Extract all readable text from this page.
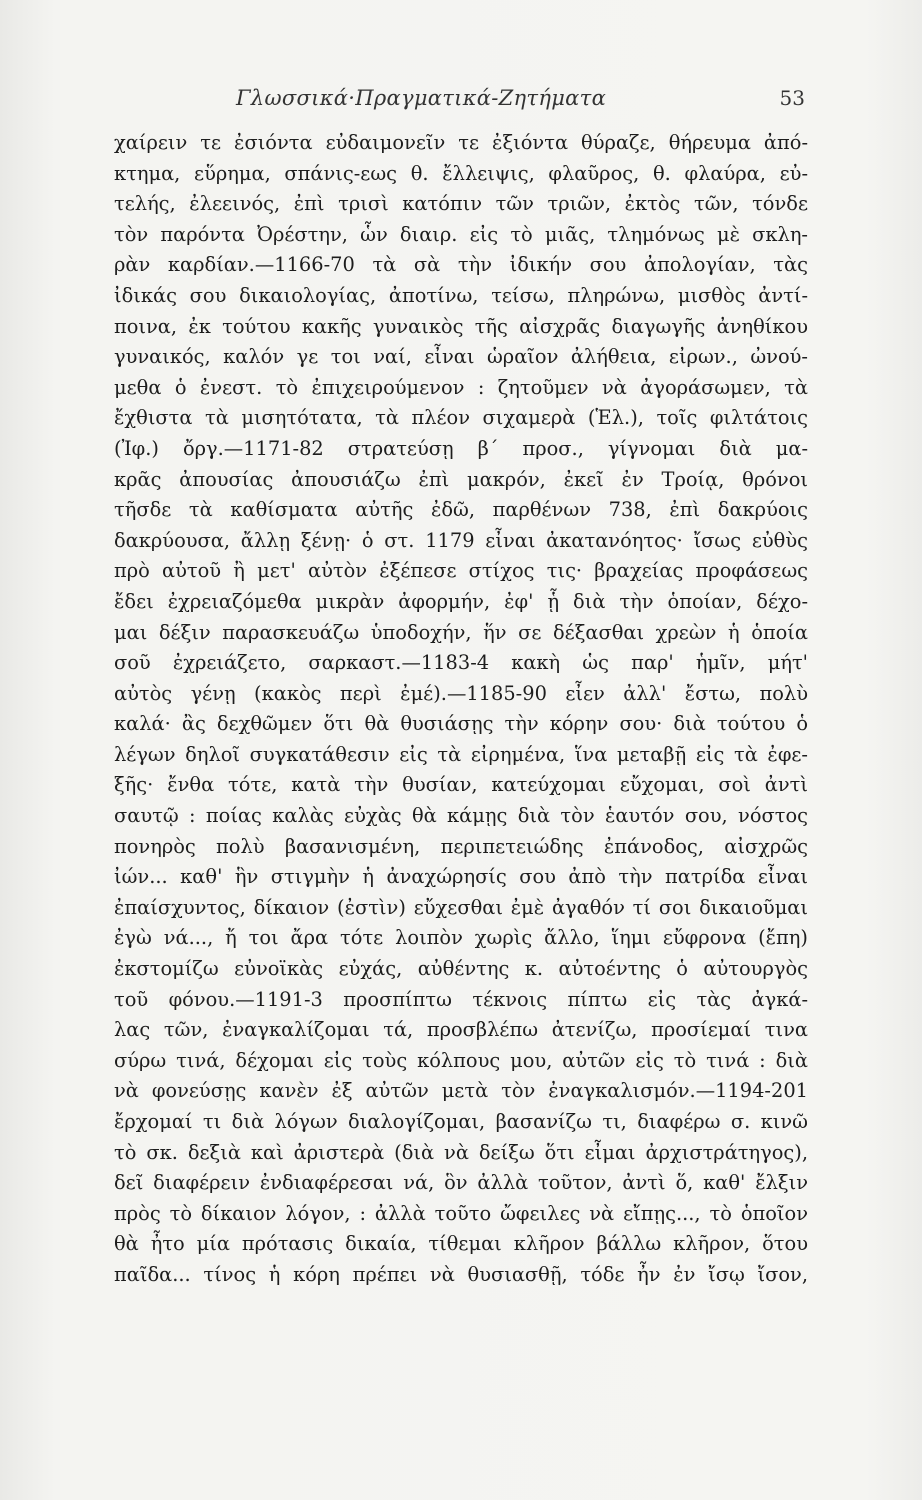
Γλωσσικά·Πραγματικά-Ζητήματα	53
χαίρειν τε ἐσιόντα εὐδαιμονεῖν τε ἐξιόντα θύραζε, θήρευμα ἀπό-
κτημα, εὕρημα, σπάνις-εως θ. ἔλλειψις, φλαῦρος, θ. φλαύρα, εὐ-
τελής, ἐλεεινός, ἐπὶ τρισὶ κατόπιν τῶν τριῶν, ἐκτὸς τῶν, τόνδε
τὸν παρόντα Ὀρέστην, ὧν διαιρ. εἰς τὸ μιᾶς, τλημόνως μὲ σκλη-
ρὰν καρδίαν.—1166-70 τὰ σὰ τὴν ἰδικήν σου ἀπολογίαν, τὰς
ἰδικάς σου δικαιολογίας, ἀποτίνω, τείσω, πληρώνω, μισθὸς ἀντί-
ποινα, ἐκ τούτου κακῆς γυναικὸς τῆς αἰσχρᾶς διαγωγῆς ἀνηθίκου
γυναικός, καλόν γε τοι ναί, εἶναι ὡραῖον ἀλήθεια, εἰρων., ὠνού-
μεθα ὁ ἐνεστ. τὸ ἐπιχειρούμενον : ζητοῦμεν νὰ ἀγοράσωμεν, τὰ
ἔχθιστα τὰ μισητότατα, τὰ πλέον σιχαμερὰ (Ἑλ.), τοῖς φιλτάτοις
(Ἰφ.) ὄργ.—1171-82 στρατεύσῃ β΄ προσ., γίγνομαι διὰ μα-
κρᾶς ἀπουσίας ἀπουσιάζω ἐπὶ μακρόν, ἐκεῖ ἐν Τροίᾳ, θρόνοι
τῆσδε τὰ καθίσματα αὐτῆς ἐδῶ, παρθένων 738, ἐπὶ δακρύοις
δακρύουσα, ἄλλῃ ξένῃ· ὁ στ. 1179 εἶναι ἀκατανόητος· ἴσως εὐθὺς
πρὸ αὐτοῦ ἢ μετ' αὐτὸν ἐξέπεσε στίχος τις· βραχείας προφάσεως
ἔδει ἐχρειαζόμεθα μικρὰν ἀφορμήν, ἐφ' ᾗ διὰ τὴν ὁποίαν, δέχο-
μαι δέξιν παρασκευάζω ὑποδοχήν, ἥν σε δέξασθαι χρεὼν ἡ ὁποία
σοῦ ἐχρειάζετο, σαρκαστ.—1183-4 κακὴ ὡς παρ' ἡμῖν, μήτ'
αὐτὸς γένῃ (κακὸς περὶ ἐμέ).—1185-90 εἶεν ἀλλ' ἔστω, πολὺ
καλά· ἂς δεχθῶμεν ὅτι θὰ θυσιάσῃς τὴν κόρην σου· διὰ τούτου ὁ
λέγων δηλοῖ συγκατάθεσιν εἰς τὰ εἰρημένα, ἵνα μεταβῇ εἰς τὰ ἐφε-
ξῆς· ἔνθα τότε, κατὰ τὴν θυσίαν, κατεύχομαι εὔχομαι, σοὶ ἀντὶ
σαυτῷ : ποίας καλὰς εὐχὰς θὰ κάμῃς διὰ τὸν ἑαυτόν σου, νόστος
πονηρὸς πολὺ βασανισμένη, περιπετειώδης ἐπάνοδος, αἰσχρῶς
ἰών... καθ' ἣν στιγμὴν ἡ ἀναχώρησίς σου ἀπὸ τὴν πατρίδα εἶναι
ἐπαίσχυντος, δίκαιον (ἐστὶν) εὔχεσθαι ἐμὲ ἀγαθόν τί σοι δικαιοῦμαι
ἐγὼ νά..., ἤ τοι ἄρα τότε λοιπὸν χωρὶς ἄλλο, ἵημι εὔφρονα (ἔπη)
ἐκστομίζω εὐνοϊκὰς εὐχάς, αὐθέντης κ. αὐτοέντης ὁ αὐτουργὸς
τοῦ φόνου.—1191-3 προσπίπτω τέκνοις πίπτω εἰς τὰς ἀγκά-
λας τῶν, ἐναγκαλίζομαι τά, προσβλέπω ἀτενίζω, προσίεμαί τινα
σύρω τινά, δέχομαι εἰς τοὺς κόλπους μου, αὐτῶν εἰς τὸ τινά : διὰ
νὰ φονεύσῃς κανὲν ἐξ αὐτῶν μετὰ τὸν ἐναγκαλισμόν.—1194-201
ἔρχομαί τι διὰ λόγων διαλογίζομαι, βασανίζω τι, διαφέρω σ. κινῶ
τὸ σκ. δεξιὰ καὶ ἀριστερὰ (διὰ νὰ δείξω ὅτι εἶμαι ἀρχιστράτηγος),
δεῖ διαφέρειν ἐνδιαφέρεσαι νά, ὃν ἀλλὰ τοῦτον, ἀντὶ ὅ, καθ' ἔλξιν
πρὸς τὸ δίκαιον λόγον, : ἀλλὰ τοῦτο ὤφειλες νὰ εἴπῃς..., τὸ ὁποῖον
θὰ ἦτο μία πρότασις δικαία, τίθεμαι κλῆρον βάλλω κλῆρον, ὅτου
παῖδα... τίνος ἡ κόρη πρέπει νὰ θυσιασθῇ, τόδε ἦν ἐν ἴσῳ ἴσον,
